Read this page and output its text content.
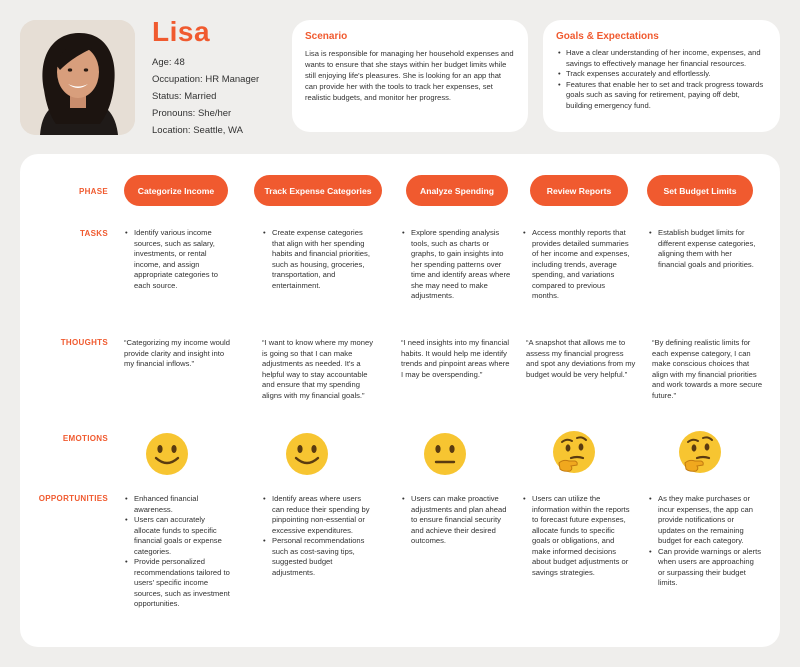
Lisa
Age: 48
Occupation: HR Manager
Status: Married
Pronouns: She/her
Location: Seattle, WA
Scenario

Lisa is responsible for managing her household expenses and wants to ensure that she stays within her budget limits while still enjoying life's pleasures. She is looking for an app that can provide her with the tools to track her expenses, set realistic budgets, and monitor her progress.

Goals & Expectations
• Have a clear understanding of her income, expenses, and savings to effectively manage her financial resources.
• Track expenses accurately and effortlessly.
• Features that enable her to set and track progress towards goals such as saving for retirement, paying off debt, building emergency fund.
PHASE
TASKS
THOUGHTS
EMOTIONS
OPPORTUNITIES
Categorize Income
• Identify various income sources, such as salary, investments, or rental income, and assign appropriate categories to each source.
“Categorizing my income would provide clarity and insight into my financial inflows.”
• Enhanced financial awareness.
• Users can accurately allocate funds to specific financial goals or expense categories.
• Provide personalized recommendations tailored to users' specific income sources, such as investment opportunities.
Track Expense Categories
• Create expense categories that align with her spending habits and financial priorities, such as housing, groceries, transportation, and entertainment.
“I want to know where my money is going so that I can make adjustments as needed. It's a helpful way to stay accountable and ensure that my spending aligns with my financial goals.”
• Identify areas where users can reduce their spending by pinpointing non-essential or excessive expenditures.
• Personal recommendations such as cost-saving tips, suggested budget adjustments.
Analyze Spending
• Explore spending analysis tools, such as charts or graphs, to gain insights into her spending patterns over time and identify areas where she may need to make adjustments.
“I need insights into my financial habits. It would help me identify trends and pinpoint areas where I may be overspending.”
• Users can make proactive adjustments and plan ahead to ensure financial security and achieve their desired outcomes.
Review Reports
• Access monthly reports that provides detailed summaries of her income and expenses, including trends, average spending, and variations compared to previous months.
“A snapshot that allows me to assess my financial progress and spot any deviations from my budget would be very helpful.”
• Users can utilize the information within the reports to forecast future expenses, allocate funds to specific goals or obligations, and make informed decisions about budget adjustments or savings strategies.
Set Budget Limits
• Establish budget limits for different expense categories, aligning them with her financial goals and priorities.
“By defining realistic limits for each expense category, I can make conscious choices that align with my financial priorities and work towards a more secure future.”
• As they make purchases or incur expenses, the app can provide notifications or updates on the remaining budget for each category.
• Can provide warnings or alerts when users are approaching or surpassing their budget limits.
